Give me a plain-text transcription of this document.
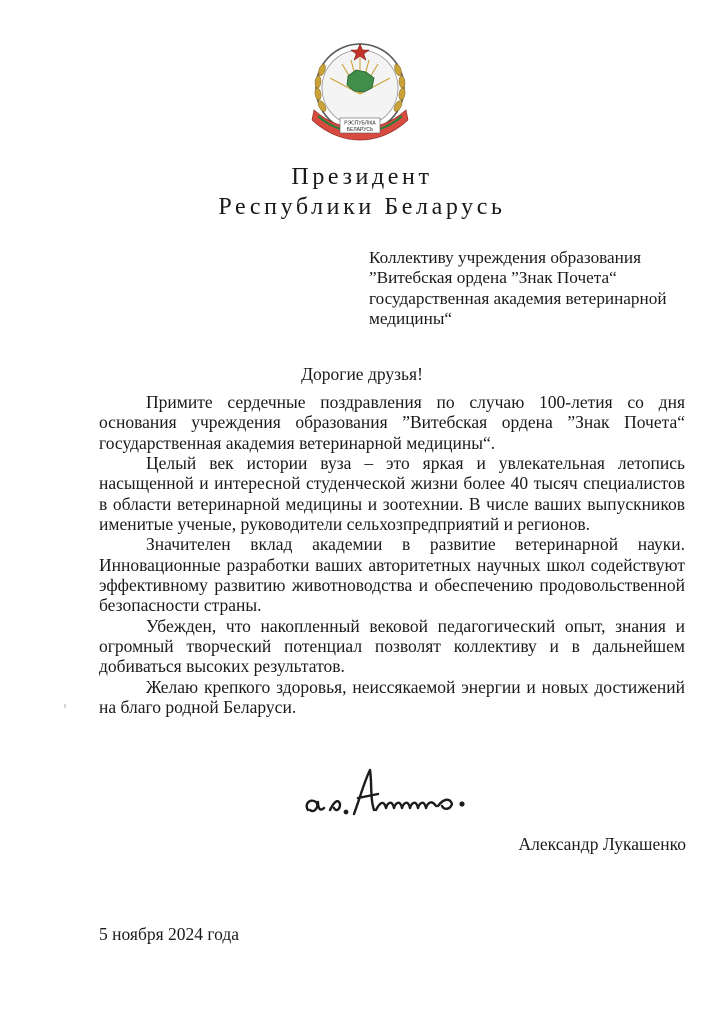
РЭСПУБЛІКА
БЕЛАРУСЬ
Президент
Республики Беларусь
Коллективу учреждения образования
”Витебская ордена ”Знак Почета“
государственная академия ветеринарной
медицины“
Дорогие друзья!

Примите сердечные поздравления по случаю 100-летия со дня основания учреждения образования ”Витебская ордена ”Знак Почета“ государственная академия ветеринарной медицины“.

Целый век истории вуза – это яркая и увлекательная летопись насыщенной и интересной студенческой жизни более 40 тысяч специалистов в области ветеринарной медицины и зоотехнии. В числе ваших выпускников именитые ученые, руководители сельхозпредприятий и регионов.

Значителен вклад академии в развитие ветеринарной науки. Инновационные разработки ваших авторитетных научных школ содействуют эффективному развитию животноводства и обеспечению продовольственной безопасности страны.

Убежден, что накопленный вековой педагогический опыт, знания и огромный творческий потенциал позволят коллективу и в дальнейшем добиваться высоких результатов.

Желаю крепкого здоровья, неиссякаемой энергии и новых достижений на благо родной Беларуси.

Александр Лукашенко
5 ноября 2024 года
